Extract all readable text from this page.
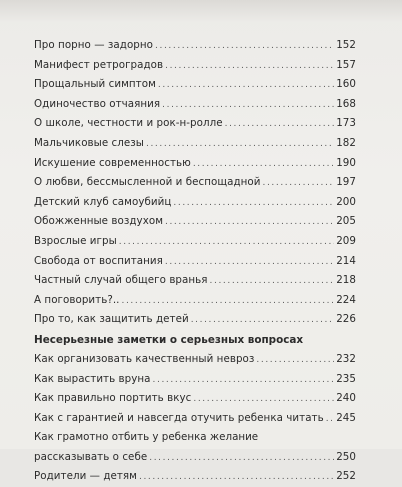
Про порно — задорно .....	152
Манифест ретроградов .....	157
Прощальный симптом .....	160
Одиночество отчаяния .....	168
О школе, честности и рок-н-ролле .....	173
Мальчиковые слезы .....	182
Искушение современностью .....	190
О любви, бессмысленной и беспощадной .....	197
Детский клуб самоубийц .....	200
Обожженные воздухом .....	205
Взрослые игры .....	209
Свобода от воспитания .....	214
Частный случай общего вранья .....	218
А поговорить?.. .....	224
Про то, как защитить детей .....	226
Несерьезные заметки о серьезных вопросах
Как организовать качественный невроз .....	232
Как вырастить вруна .....	235
Как правильно портить вкус .....	240
Как с гарантией и навсегда отучить ребенка читать ..... 245
Как грамотно отбить у ребенка желание
рассказывать о себе .....	250
Родители — детям .....	252
